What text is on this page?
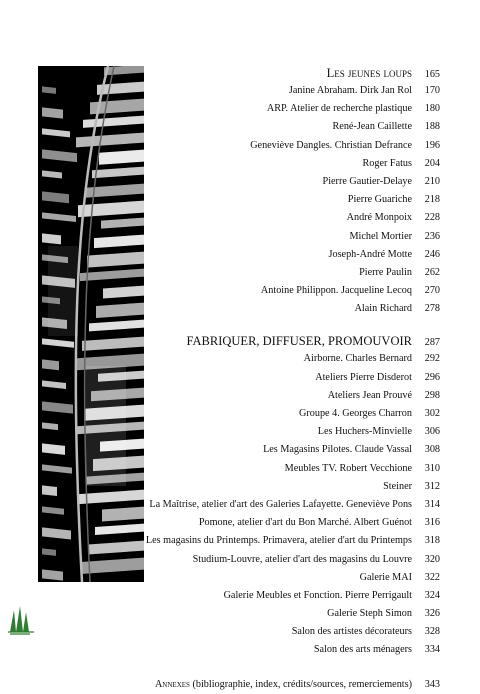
Les jeunes loups	165
Janine Abraham. Dirk Jan Rol	170
ARP. Atelier de recherche plastique	180
René-Jean Caillette	188
Geneviève Dangles. Christian Defrance	196
Roger Fatus	204
Pierre Gautier-Delaye	210
Pierre Guariche	218
André Monpoix	228
Michel Mortier	236
Joseph-André Motte	246
Pierre Paulin	262
Antoine Philippon. Jacqueline Lecoq	270
Alain Richard	278
FABRIQUER, DIFFUSER, PROMOUVOIR	287
Airborne. Charles Bernard	292
Ateliers Pierre Disderot	296
Ateliers Jean Prouvé	298
Groupe 4. Georges Charron	302
Les Huchers-Minvielle	306
Les Magasins Pilotes. Claude Vassal	308
Meubles TV. Robert Vecchione	310
Steiner	312
La Maîtrise, atelier d'art des Galeries Lafayette. Geneviève Pons	314
Pomone, atelier d'art du Bon Marché. Albert Guénot	316
Les magasins du Printemps. Primavera, atelier d'art du Printemps	318
Studium-Louvre, atelier d'art des magasins du Louvre	320
Galerie MAI	322
Galerie Meubles et Fonction. Pierre Perrigault	324
Galerie Steph Simon	326
Salon des artistes décorateurs	328
Salon des arts ménagers	334
Annexes (bibliographie, index, crédits/sources, remerciements)	343
